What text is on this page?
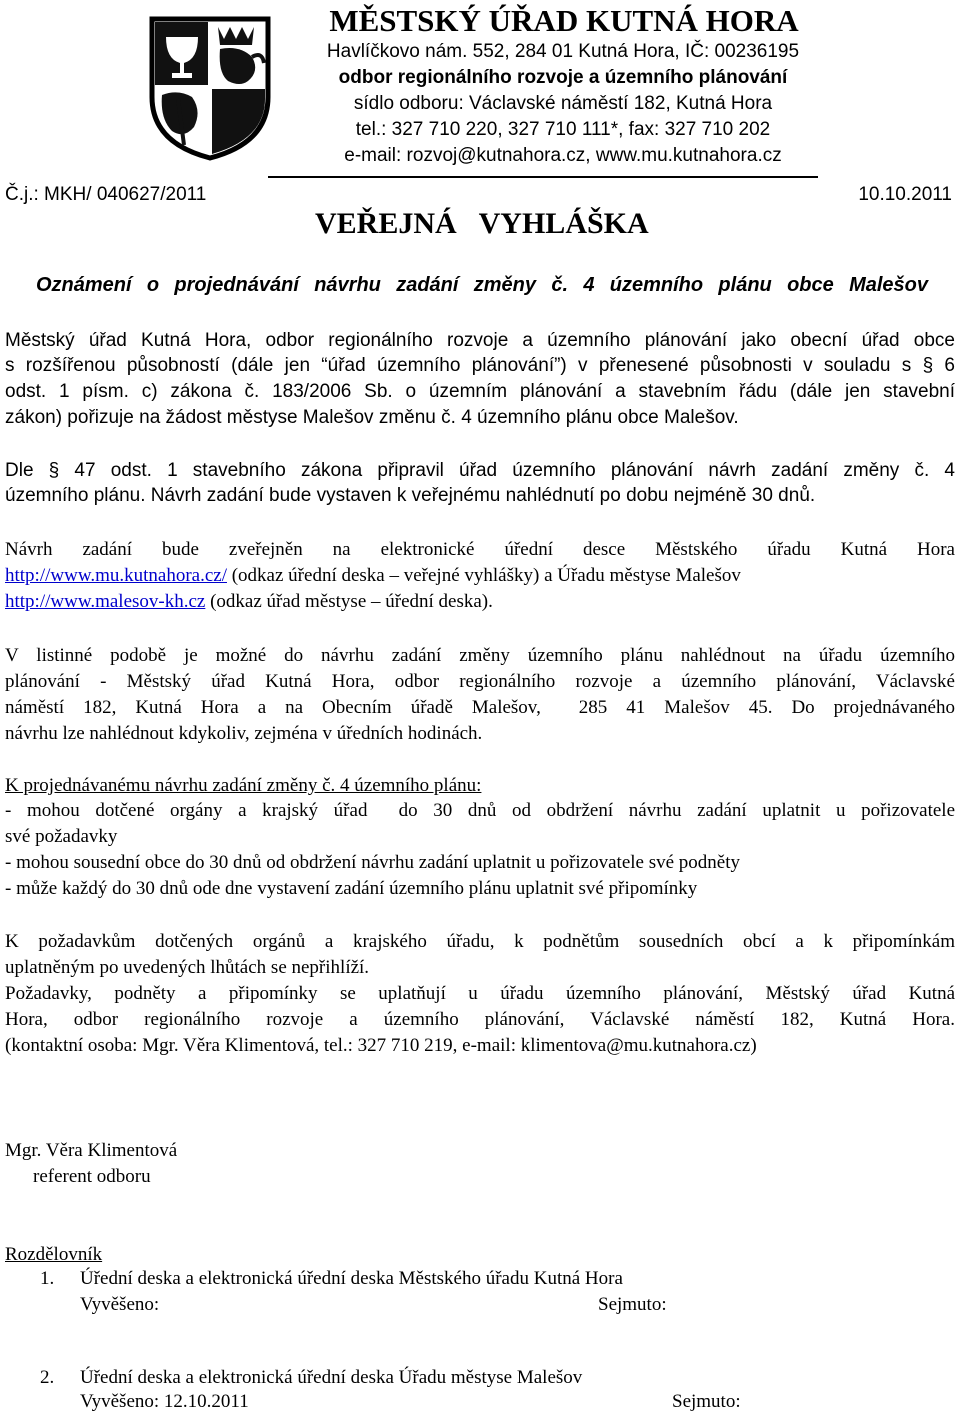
MĚSTSKÝ ÚŘAD KUTNÁ HORA
Havlíčkovo nám. 552, 284 01 Kutná Hora, IČ: 00236195
odbor regionálního rozvoje a územního plánování
sídlo odboru: Václavské náměstí 182, Kutná Hora
tel.: 327 710 220, 327 710 111*, fax: 327 710 202
e-mail: rozvoj@kutnahora.cz, www.mu.kutnahora.cz
Č.j.: MKH/ 040627/2011	10.10.2011
VEŘEJNÁ   VYHLÁŠKA
Oznámení o projednávání návrhu zadání změny č. 4 územního plánu obce Malešov
Městský úřad Kutná Hora, odbor regionálního rozvoje a územního plánování jako obecní úřad obce
s rozšířenou působností (dále jen “úřad územního plánování”) v přenesené působnosti v souladu s § 6
odst. 1 písm. c) zákona č. 183/2006 Sb. o územním plánování a stavebním řádu (dále jen stavební
zákon) pořizuje na žádost městyse Malešov změnu č. 4 územního plánu obce Malešov.
Dle § 47 odst. 1 stavebního zákona připravil úřad územního plánování návrh zadání změny č. 4
územního plánu. Návrh zadání bude vystaven k veřejnému nahlédnutí po dobu nejméně 30 dnů.
Návrh zadání bude zveřejněn na elektronické úřední desce Městského úřadu Kutná Hora
http://www.mu.kutnahora.cz/ (odkaz úřední deska – veřejné vyhlášky) a Úřadu městyse Malešov
http://www.malesov-kh.cz (odkaz úřad městyse – úřední deska).
V listinné podobě je možné do návrhu zadání změny územního plánu nahlédnout na úřadu územního
plánování - Městský úřad Kutná Hora, odbor regionálního rozvoje a územního plánování, Václavské
náměstí 182, Kutná Hora a na Obecním úřadě Malešov,  285 41 Malešov 45. Do projednávaného
návrhu lze nahlédnout kdykoliv, zejména v úředních hodinách.
K projednávanému návrhu zadání změny č. 4 územního plánu:
- mohou dotčené orgány a krajský úřad  do 30 dnů od obdržení návrhu zadání uplatnit u pořizovatele
své požadavky
- mohou sousední obce do 30 dnů od obdržení návrhu zadání uplatnit u pořizovatele své podněty
- může každý do 30 dnů ode dne vystavení zadání územního plánu uplatnit své připomínky
K požadavkům dotčených orgánů a krajského úřadu, k podnětům sousedních obcí a k připomínkám
uplatněným po uvedených lhůtách se nepřihlíží.
Požadavky, podněty a připomínky se uplatňují u úřadu územního plánování, Městský úřad Kutná
Hora, odbor regionálního rozvoje a územního plánování, Václavské náměstí 182, Kutná Hora.
(kontaktní osoba: Mgr. Věra Klimentová, tel.: 327 710 219, e-mail: klimentova@mu.kutnahora.cz)
Mgr. Věra Klimentová
referent odboru
Rozdělovník
1. Úřední deska a elektronická úřední deska Městského úřadu Kutná Hora
Vyvěšeno:	Sejmuto:
2. Úřední deska a elektronická úřední deska Úřadu městyse Malešov
Vyvěšeno: 12.10.2011	Sejmuto:
